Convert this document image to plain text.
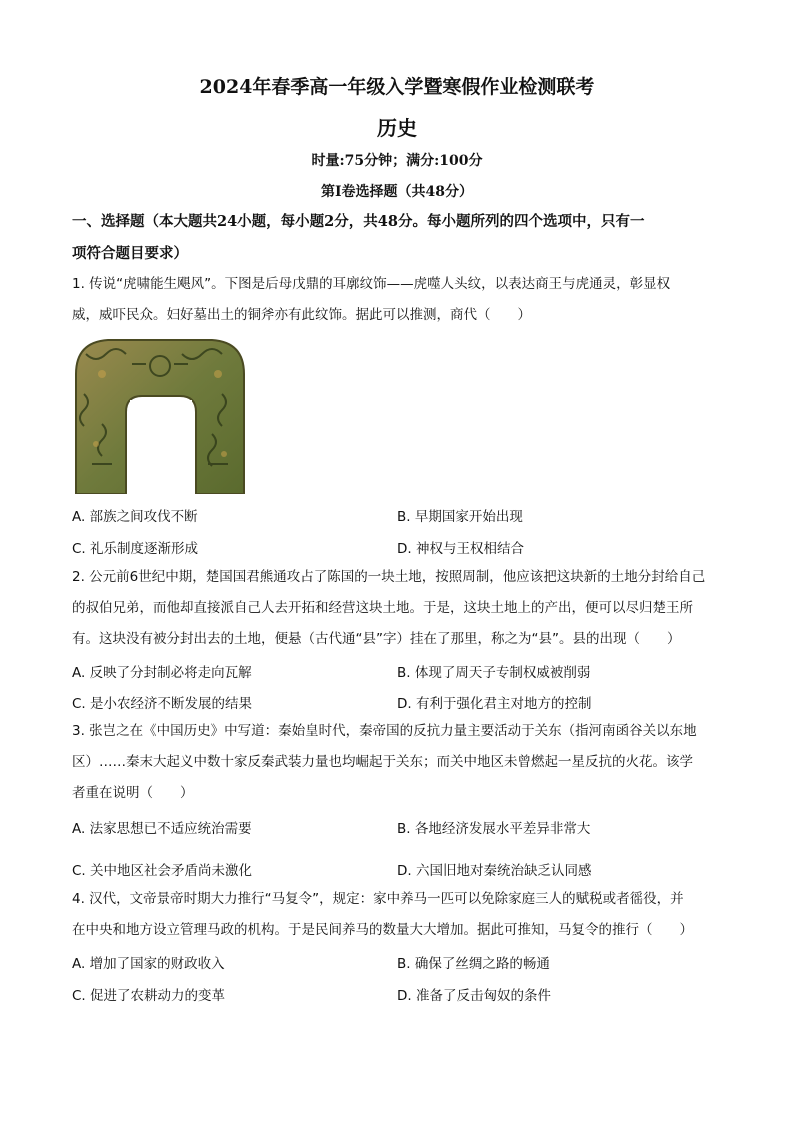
2024年春季高一年级入学暨寒假作业检测联考
历史
时量:75分钟；满分:100分
第Ⅰ卷选择题（共48分）
一、选择题（本大题共24小题，每小题2分，共48分。每小题所列的四个选项中，只有一
项符合题目要求）
1. 传说“虎啸能生飓风”。下图是后母戊鼎的耳廓纹饰——虎噬人头纹，以表达商王与虎通灵，彰显权
威，威吓民众。妇好墓出土的铜斧亦有此纹饰。据此可以推测，商代（　　）
A. 部族之间攻伐不断	B. 早期国家开始出现
C. 礼乐制度逐渐形成	D. 神权与王权相结合
2. 公元前6世纪中期，楚国国君熊通攻占了陈国的一块土地，按照周制，他应该把这块新的土地分封给自己
的叔伯兄弟，而他却直接派自己人去开拓和经营这块土地。于是，这块土地上的产出，便可以尽归楚王所
有。这块没有被分封出去的土地，便悬（古代通“县”字）挂在了那里，称之为“县”。县的出现（　　）
A. 反映了分封制必将走向瓦解	B. 体现了周天子专制权威被削弱
C. 是小农经济不断发展的结果	D. 有利于强化君主对地方的控制
3. 张岂之在《中国历史》中写道：秦始皇时代，秦帝国的反抗力量主要活动于关东（指河南函谷关以东地
区）……秦末大起义中数十家反秦武装力量也均崛起于关东；而关中地区未曾燃起一星反抗的火花。该学
者重在说明（　　）
A. 法家思想已不适应统治需要	B. 各地经济发展水平差异非常大
C. 关中地区社会矛盾尚未激化	D. 六国旧地对秦统治缺乏认同感
4. 汉代，文帝景帝时期大力推行“马复令”，规定：家中养马一匹可以免除家庭三人的赋税或者徭役，并
在中央和地方设立管理马政的机构。于是民间养马的数量大大增加。据此可推知，马复令的推行（　　）
A. 增加了国家的财政收入	B. 确保了丝绸之路的畅通
C. 促进了农耕动力的变革	D. 准备了反击匈奴的条件
